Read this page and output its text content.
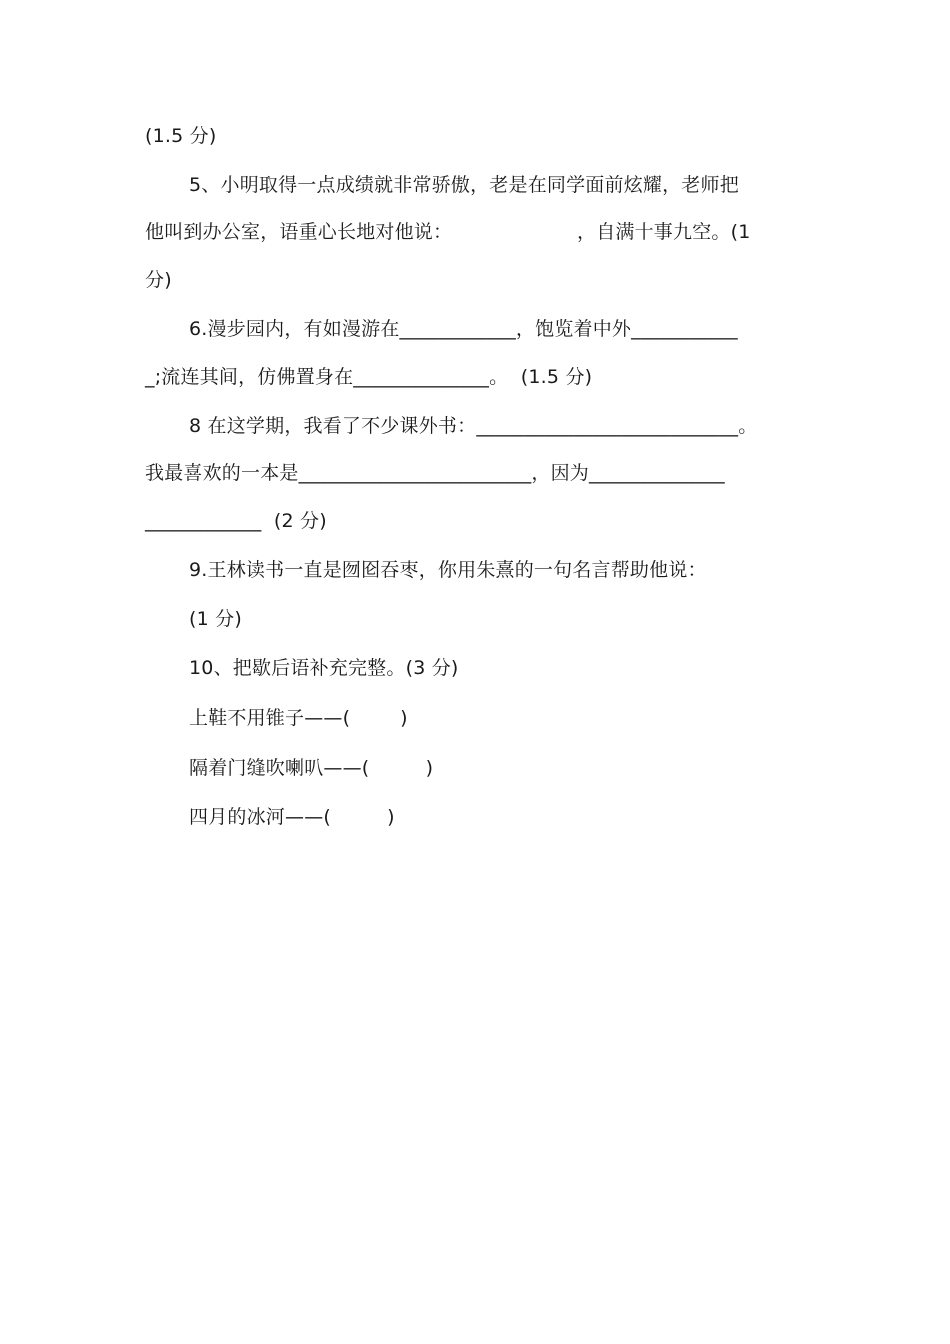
(1.5 分)
5、小明取得一点成绩就非常骄傲，老是在同学面前炫耀，老师把
他叫到办公室，语重心长地对他说：                    ，自满十事九空。(1
分)
6.漫步园内，有如漫游在____________，饱览着中外___________
_;流连其间，仿佛置身在______________。  (1.5 分)
8 在这学期，我看了不少课外书：___________________________。
我最喜欢的一本是________________________，因为______________
____________  (2 分)
9.王林读书一直是囫囵吞枣，你用朱熹的一句名言帮助他说：
(1 分)
10、把歇后语补充完整。(3 分)
上鞋不用锥子——(        )
隔着门缝吹喇叭——(         )
四月的冰河——(         )
